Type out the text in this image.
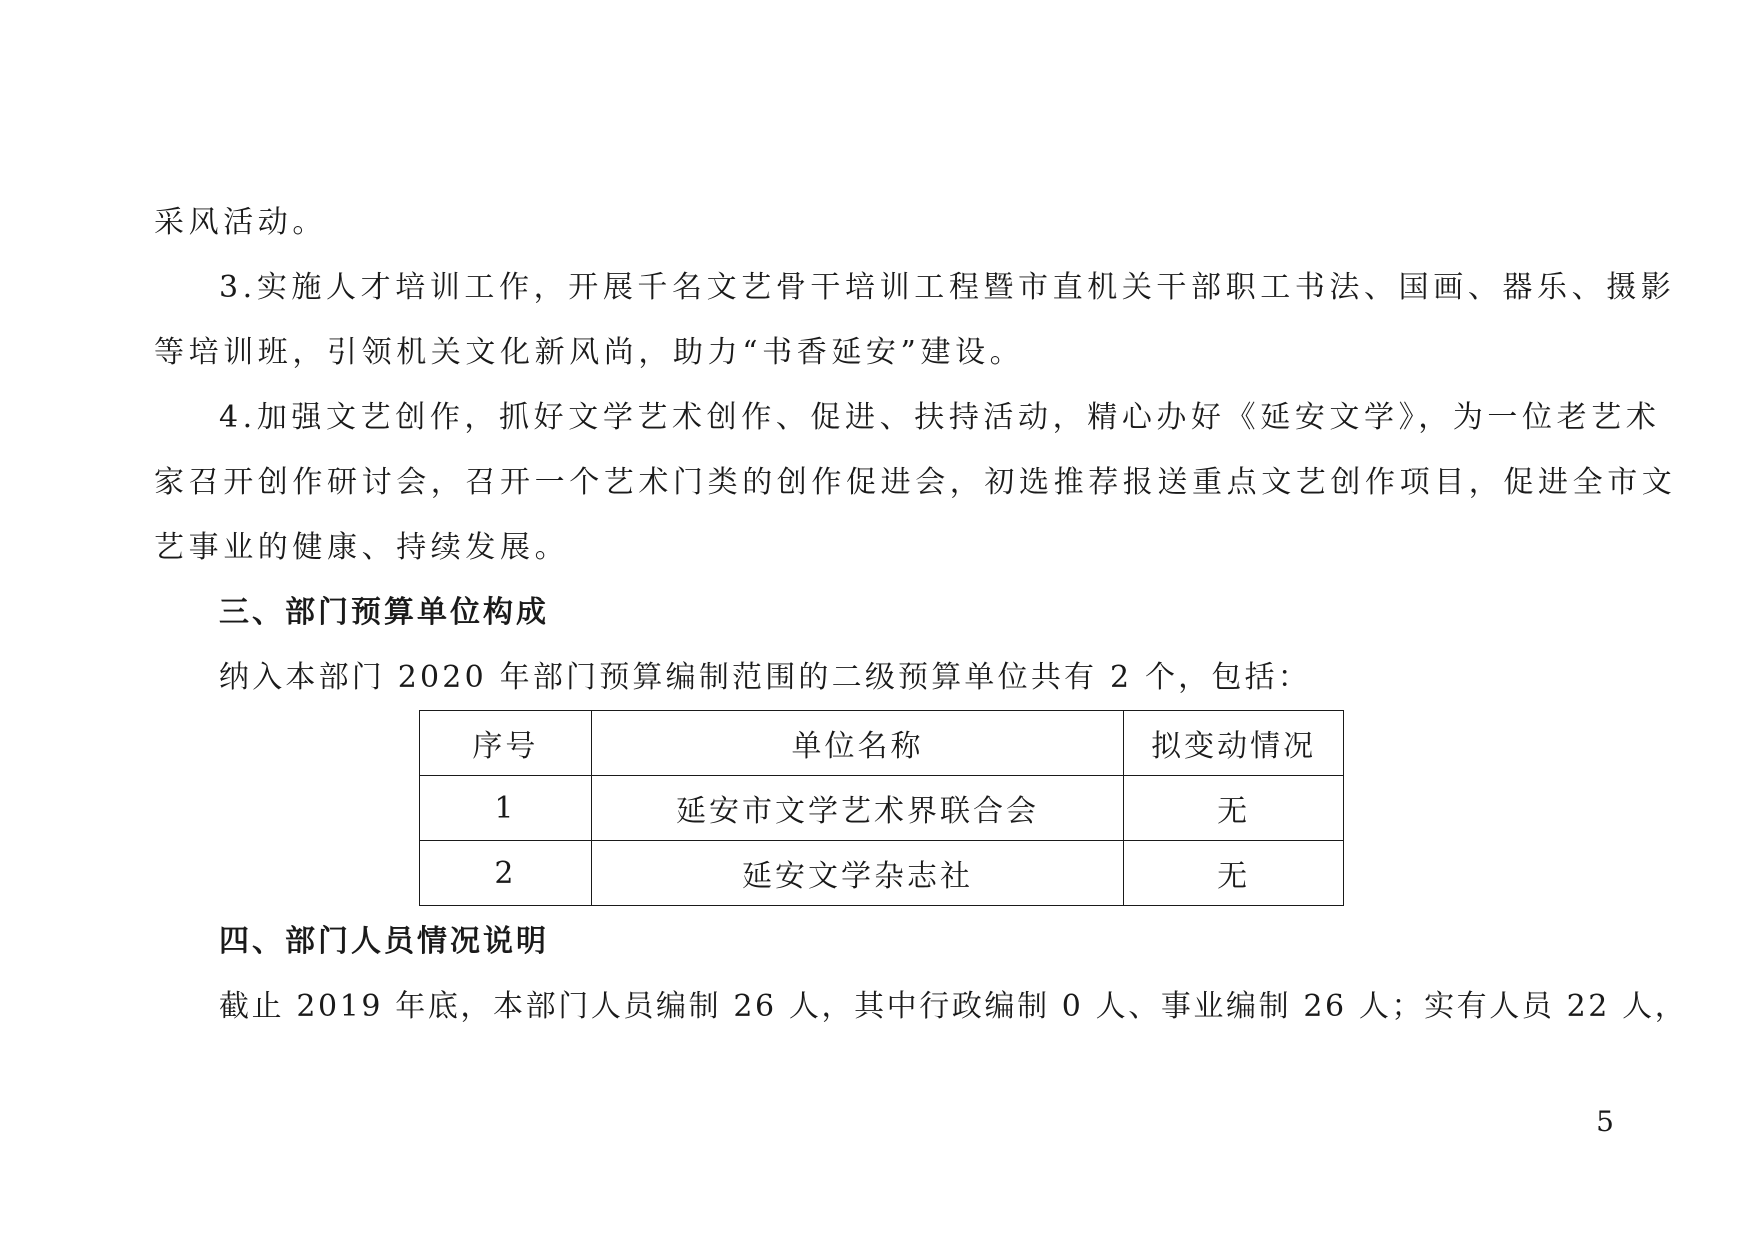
采风活动。
3.实施人才培训工作，开展千名文艺骨干培训工程暨市直机关干部职工书法、国画、器乐、摄影
等培训班，引领机关文化新风尚，助力“书香延安”建设。
4.加强文艺创作，抓好文学艺术创作、促进、扶持活动，精心办好《延安文学》，为一位老艺术
家召开创作研讨会，召开一个艺术门类的创作促进会，初选推荐报送重点文艺创作项目，促进全市文
艺事业的健康、持续发展。
三、部门预算单位构成
纳入本部门 2020 年部门预算编制范围的二级预算单位共有 2 个，包括：
序号	单位名称	拟变动情况
1	延安市文学艺术界联合会	无
2	延安文学杂志社	无
四、部门人员情况说明
截止 2019 年底，本部门人员编制 26 人，其中行政编制 0 人、事业编制 26 人；实有人员 22 人，
5
